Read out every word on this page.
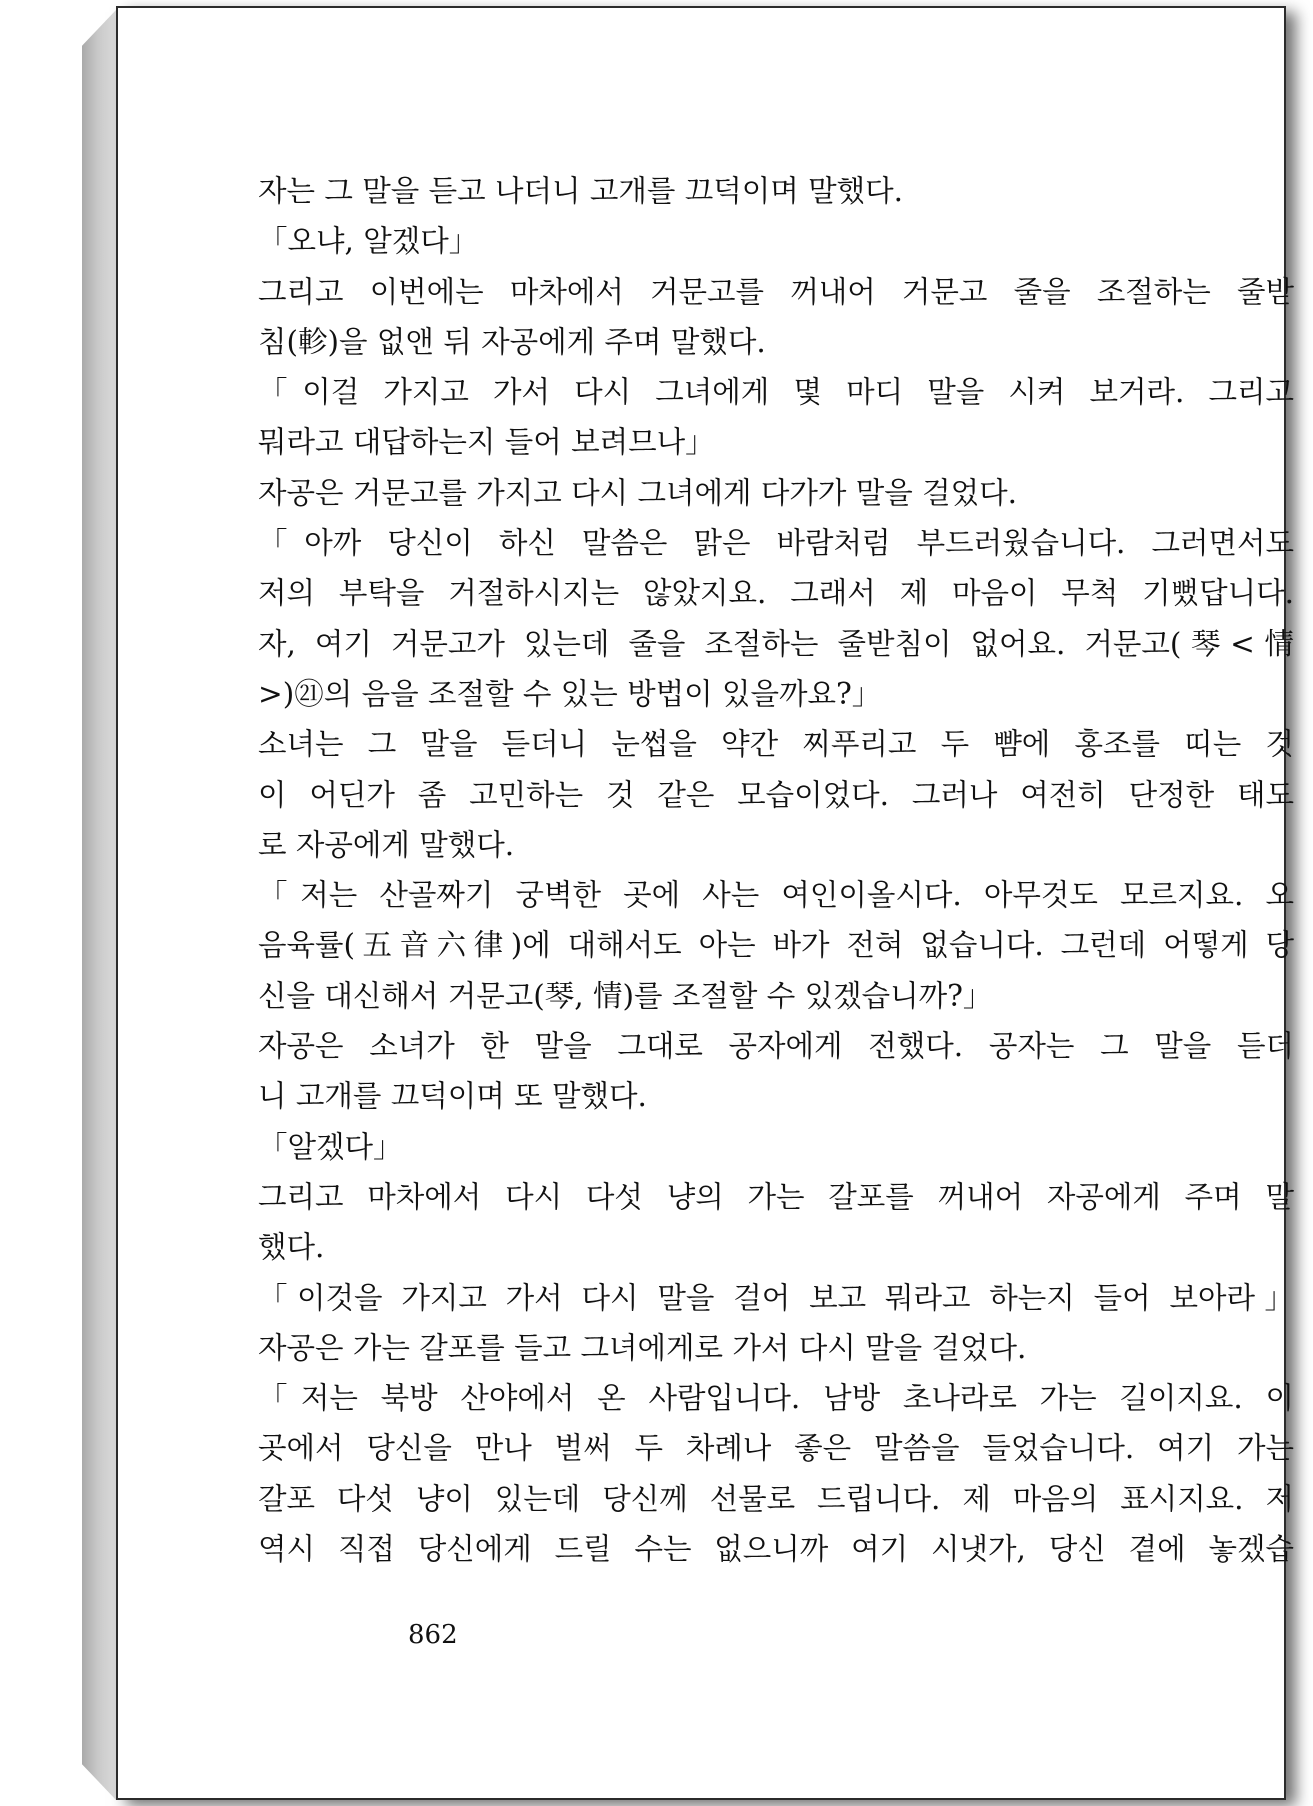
자는 그 말을 듣고 나더니 고개를 끄덕이며 말했다.
「오냐, 알겠다」
그리고 이번에는 마차에서 거문고를 꺼내어 거문고 줄을 조절하는 줄받
침(軫)을 없앤 뒤 자공에게 주며 말했다.
「이걸 가지고 가서 다시 그녀에게 몇 마디 말을 시켜 보거라. 그리고
뭐라고 대답하는지 들어 보려므나」
자공은 거문고를 가지고 다시 그녀에게 다가가 말을 걸었다.
「아까 당신이 하신 말씀은 맑은 바람처럼 부드러웠습니다. 그러면서도
저의 부탁을 거절하시지는 않았지요. 그래서 제 마음이 무척 기뻤답니다.
자, 여기 거문고가 있는데 줄을 조절하는 줄받침이 없어요. 거문고(琴<情
>)㉑의 음을 조절할 수 있는 방법이 있을까요?」
소녀는 그 말을 듣더니 눈썹을 약간 찌푸리고 두 뺨에 홍조를 띠는 것
이 어딘가 좀 고민하는 것 같은 모습이었다. 그러나 여전히 단정한 태도
로 자공에게 말했다.
「저는 산골짜기 궁벽한 곳에 사는 여인이올시다. 아무것도 모르지요. 오
음육률(五音六律)에 대해서도 아는 바가 전혀 없습니다. 그런데 어떻게 당
신을 대신해서 거문고(琴, 情)를 조절할 수 있겠습니까?」
자공은 소녀가 한 말을 그대로 공자에게 전했다. 공자는 그 말을 듣더
니 고개를 끄덕이며 또 말했다.
「알겠다」
그리고 마차에서 다시 다섯 냥의 가는 갈포를 꺼내어 자공에게 주며 말
했다.
「이것을 가지고 가서 다시 말을 걸어 보고 뭐라고 하는지 들어 보아라」
자공은 가는 갈포를 들고 그녀에게로 가서 다시 말을 걸었다.
「저는 북방 산야에서 온 사람입니다. 남방 초나라로 가는 길이지요. 이
곳에서 당신을 만나 벌써 두 차례나 좋은 말씀을 들었습니다. 여기 가는
갈포 다섯 냥이 있는데 당신께 선물로 드립니다. 제 마음의 표시지요. 저
역시 직접 당신에게 드릴 수는 없으니까 여기 시냇가, 당신 곁에 놓겠습
862
